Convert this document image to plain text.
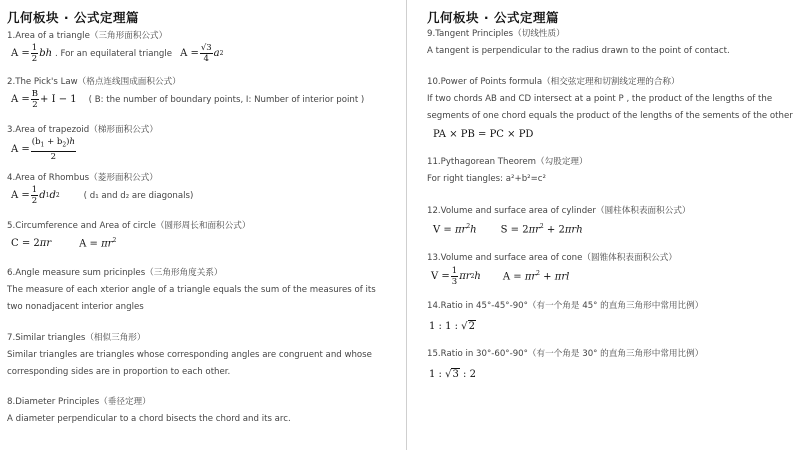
几何板块 · 公式定理篇
1.Area of a triangle（三角形面积公式）
$A = \frac{1}{2}$ bh . For an equilateral triangle $A = \frac{√3}{4}$ a 2
2.The Pick's Law（格点连线围成面积公式）
$A = \frac{B}{2} + I - 1$ ( B: the number of boundary points, I: Number of interior point )
3.Area of trapezoid（梯形面积公式）
$A = \frac{(b_1 + b_2)h}{2}$
4.Area of Rhombus（菱形面积公式）
$A = \frac{1}{2}$ d 1 d 2	( d₁ and d₂ are diagonals)
5.Circumference and Area of circle（圆形周长和面积公式）
C = 2πr	$A = \pi r^2$
6.Angle measure sum pricinples（三角形角度关系）
The measure of each xterior angle of a triangle equals the sum of the measures of its
two nonadjacent interior angles
7.Similar triangles（相似三角形）
Similar triangles are triangles whose corresponding angles are congruent and whose
corresponding sides are in proportion to each other.
8.Diameter Principles（垂径定理）
A diameter perpendicular to a chord bisects the chord and its arc.
几何板块 · 公式定理篇
9.Tangent Principles（切线性质）
A tangent is perpendicular to the radius drawn to the point of contact.
10.Power of Points formula（相交弦定理和切割线定理的合称）
If two chords AB and CD intersect at a point P , the product of the lengths of the
segments of one chord equals the product of the lengths of the sements of the other
PA × PB = PC × PD
11.Pythagorean Theorem（勾股定理）
For right tiangles: a²+b²=c²
12.Volume and surface area of cylinder（圆柱体积表面积公式）
$V = \pi r^2h$ $S = 2\pi r^2 + 2\pi rh$
13.Volume and surface area of cone（圆锥体积表面积公式）
$V = \frac{1}{3}$ πr 2 h $A = \pi r^2 + \pi rl$
14.Ratio in 45°-45°-90°（有一个角是 45° 的直角三角形中常用比例）
1 : 1 : √2
15.Ratio in 30°-60°-90°（有一个角是 30° 的直角三角形中常用比例）
1 : √3 : 2
